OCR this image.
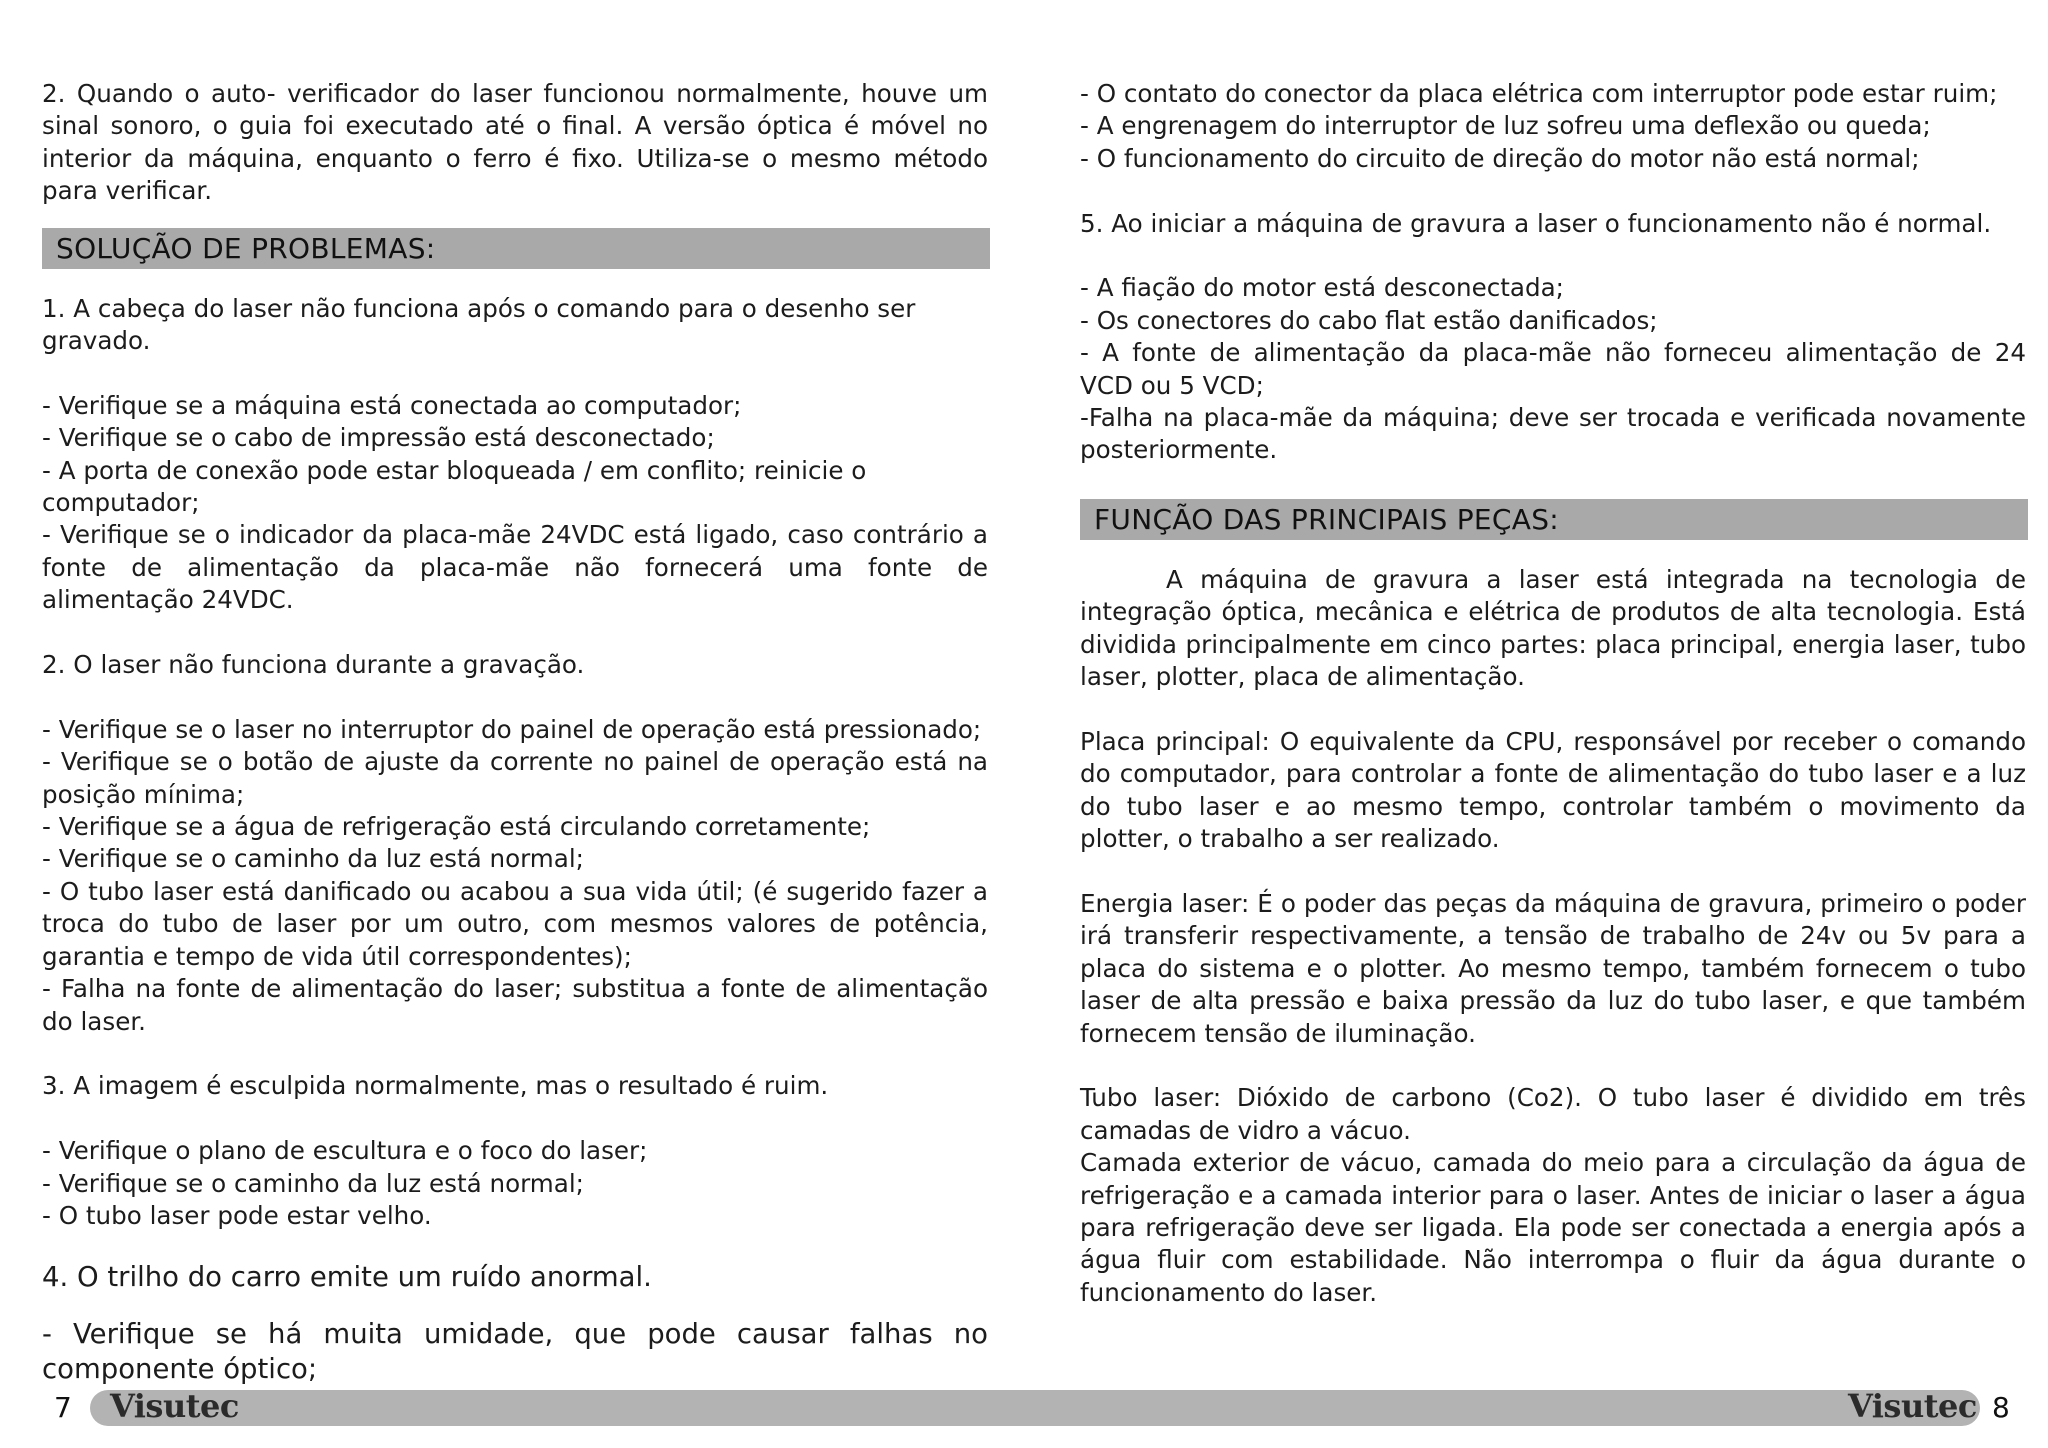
2. Quando o auto- verificador do laser funcionou normalmente, houve um sinal sonoro, o guia foi executado até o final. A versão óptica é móvel no interior da máquina, enquanto o ferro é fixo. Utiliza-se o mesmo método para verificar.

SOLUÇÃO DE PROBLEMAS:

1. A cabeça do laser não funciona após o comando para o desenho ser gravado.

- Verifique se a máquina está conectada ao computador;

- Verifique se o cabo de impressão está desconectado;

- A porta de conexão pode estar bloqueada / em conflito; reinicie o computador;

- Verifique se o indicador da placa-mãe 24VDC está ligado, caso contrário a fonte de alimentação da placa-mãe não fornecerá uma fonte de alimentação 24VDC.

2. O laser não funciona durante a gravação.

- Verifique se o laser no interruptor do painel de operação está pressionado;

- Verifique se o botão de ajuste da corrente no painel de operação está na posição mínima;

- Verifique se a água de refrigeração está circulando corretamente;

- Verifique se o caminho da luz está normal;

- O tubo laser está danificado ou acabou a sua vida útil; (é sugerido fazer a troca do tubo de laser por um outro, com mesmos valores de potência, garantia e tempo de vida útil correspondentes);

- Falha na fonte de alimentação do laser; substitua a fonte de alimentação do laser.

3. A imagem é esculpida normalmente, mas o resultado é ruim.

- Verifique o plano de escultura e o foco do laser;

- Verifique se o caminho da luz está normal;

- O tubo laser pode estar velho.

4. O trilho do carro emite um ruído anormal.

- Verifique se há muita umidade, que pode causar falhas no componente óptico;

- O contato do conector da placa elétrica com interruptor pode estar ruim;

- A engrenagem do interruptor de luz sofreu uma deflexão ou queda;

- O funcionamento do circuito de direção do motor não está normal;

5. Ao iniciar a máquina de gravura a laser o funcionamento não é normal.

- A fiação do motor está desconectada;

- Os conectores do cabo flat estão danificados;

- A fonte de alimentação da placa-mãe não forneceu alimentação de 24 VCD ou 5 VCD;

-Falha na placa-mãe da máquina; deve ser trocada e verificada novamente posteriormente.

FUNÇÃO DAS PRINCIPAIS PEÇAS:

A máquina de gravura a laser está integrada na tecnologia de integração óptica, mecânica e elétrica de produtos de alta tecnologia. Está dividida principalmente em cinco partes: placa principal, energia laser, tubo laser, plotter, placa de alimentação.

Placa principal: O equivalente da CPU, responsável por receber o comando do computador, para controlar a fonte de alimentação do tubo laser e a luz do tubo laser e ao mesmo tempo, controlar também o movimento da plotter, o trabalho a ser realizado.

Energia laser: É o poder das peças da máquina de gravura, primeiro o poder irá transferir respectivamente, a tensão de trabalho de 24v ou 5v para a placa do sistema e o plotter. Ao mesmo tempo, também fornecem o tubo laser de alta pressão e baixa pressão da luz do tubo laser, e que também fornecem tensão de iluminação.

Tubo laser: Dióxido de carbono (Co2). O tubo laser é dividido em três camadas de vidro a vácuo.

Camada exterior de vácuo, camada do meio para a circulação da água de refrigeração e a camada interior para o laser. Antes de iniciar o laser a água para refrigeração deve ser ligada. Ela pode ser conectada a energia após a água fluir com estabilidade. Não interrompa o fluir da água durante o funcionamento do laser.

7 Visutec	Visutec 8
